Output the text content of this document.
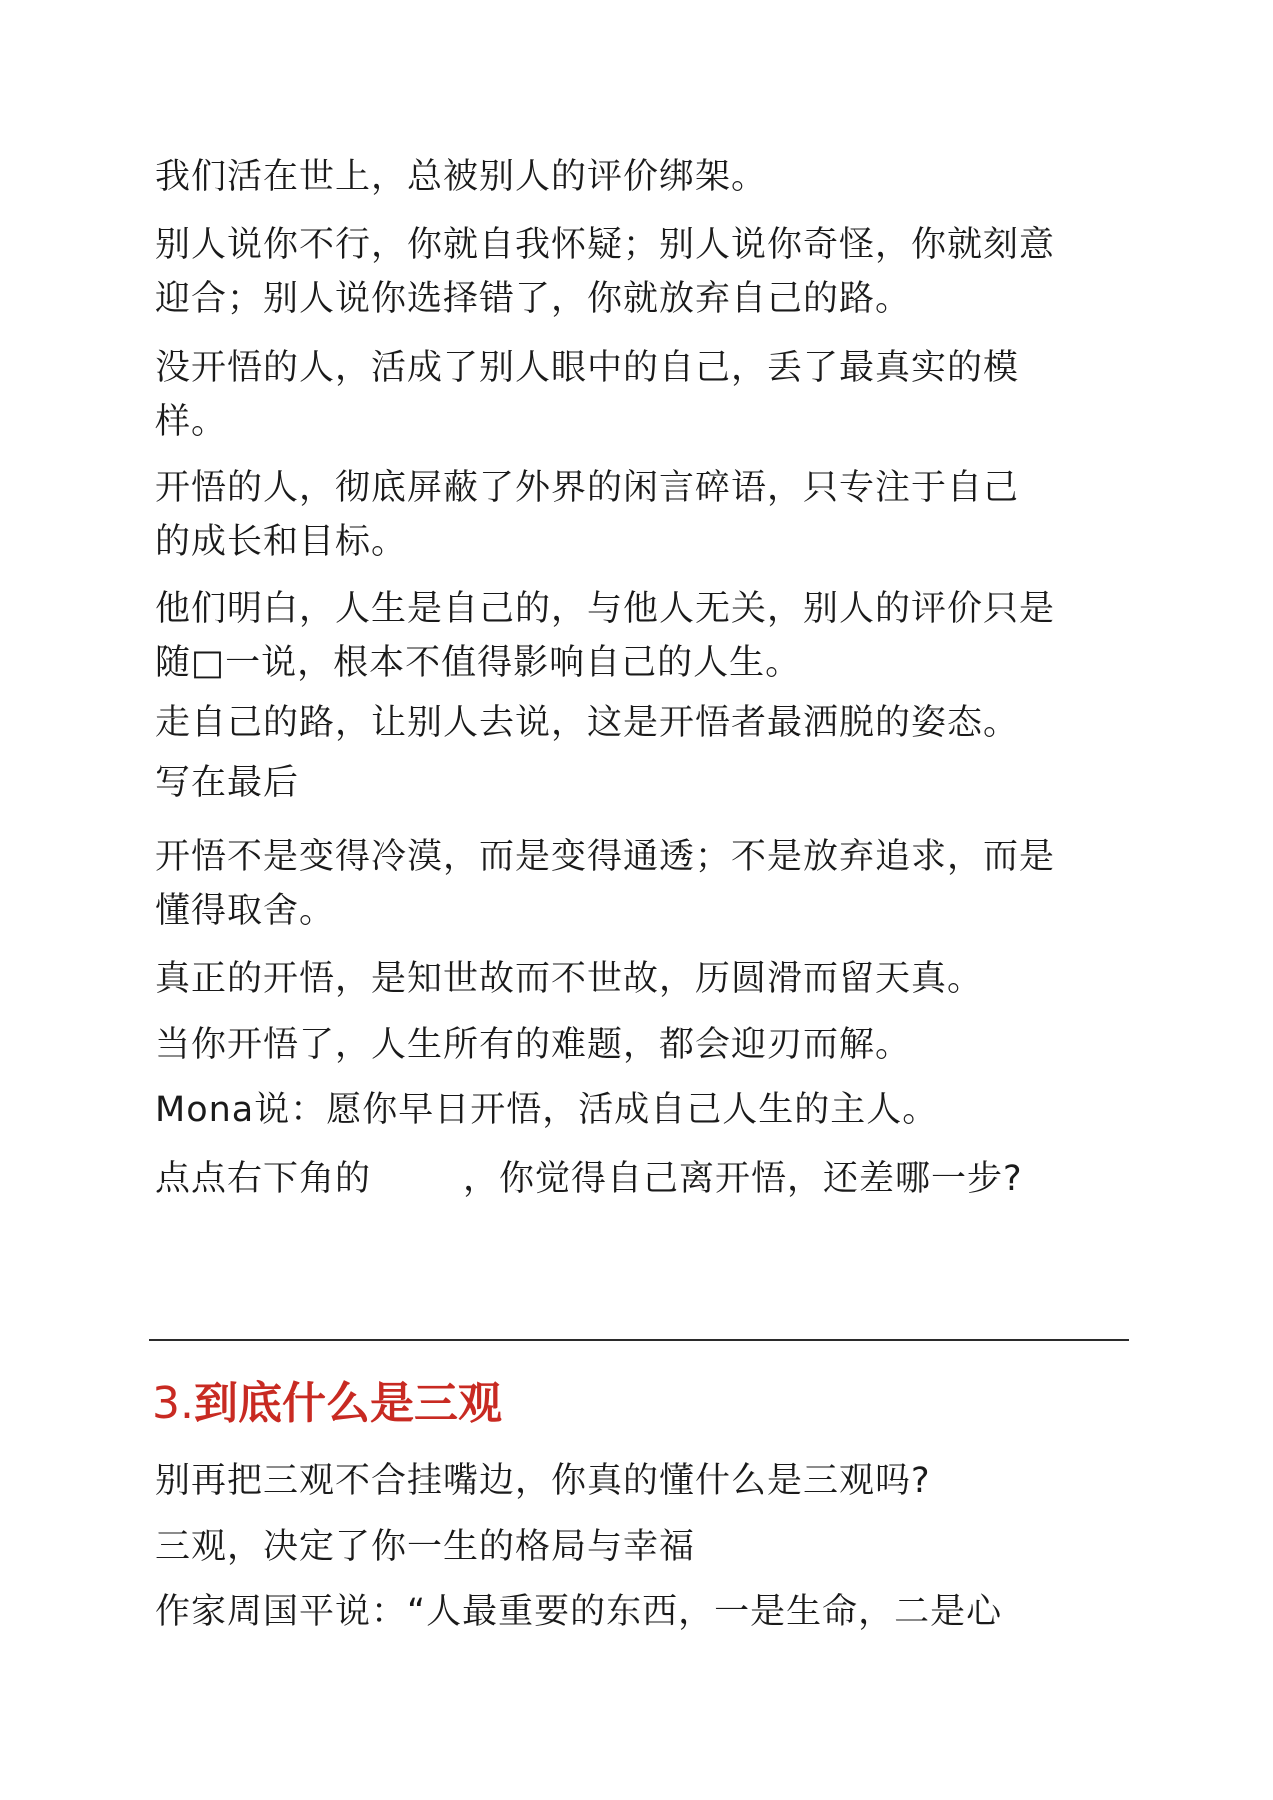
我们活在世上，总被别人的评价绑架。
别人说你不行，你就自我怀疑；别人说你奇怪，你就刻意
迎合；别人说你选择错了，你就放弃自己的路。
没开悟的人，活成了别人眼中的自己，丢了最真实的模
样。
开悟的人，彻底屏蔽了外界的闲言碎语，只专注于自己
的成长和目标。
他们明白，人生是自己的，与他人无关，别人的评价只是
随□一说，根本不值得影响自己的人生。
走自己的路，让别人去说，这是开悟者最洒脱的姿态。
写在最后
开悟不是变得冷漠，而是变得通透；不是放弃追求，而是
懂得取舍。
真正的开悟，是知世故而不世故，历圆滑而留天真。
当你开悟了，人生所有的难题，都会迎刃而解。
Mona说：愿你早日开悟，活成自己人生的主人。
点点右下角的	，你觉得自己离开悟，还差哪一步?
3.到底什么是三观
别再把三观不合挂嘴边，你真的懂什么是三观吗?
三观，决定了你一生的格局与幸福
作家周国平说：“人最重要的东西，一是生命，二是心
